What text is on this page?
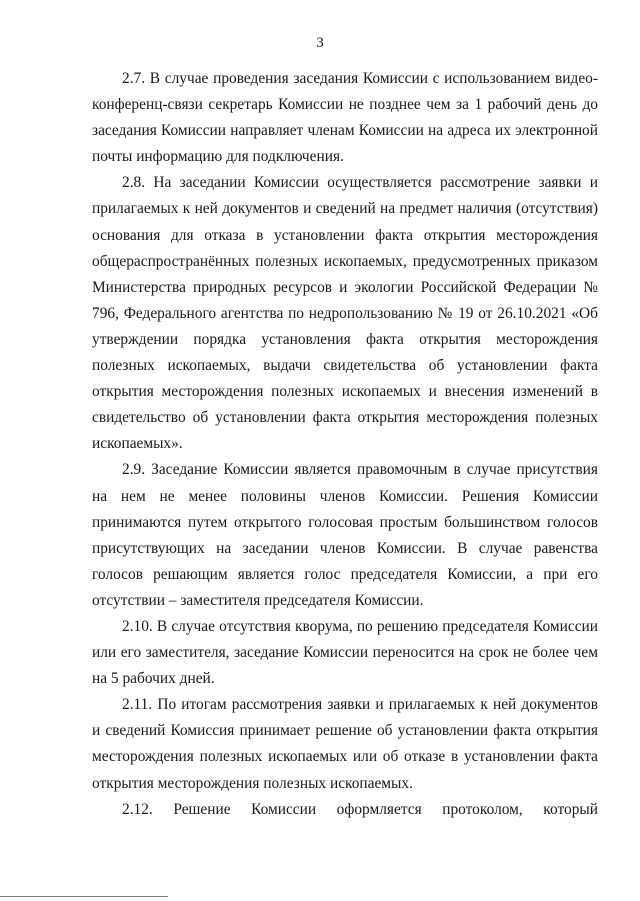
3

2.7. В случае проведения заседания Комиссии с использованием видео-конференц-связи секретарь Комиссии не позднее чем за 1 рабочий день до заседания Комиссии направляет членам Комиссии на адреса их электронной почты информацию для подключения.

2.8. На заседании Комиссии осуществляется рассмотрение заявки и прилагаемых к ней документов и сведений на предмет наличия (отсутствия) основания для отказа в установлении факта открытия месторождения общераспространённых полезных ископаемых, предусмотренных приказом Министерства природных ресурсов и экологии Российской Федерации № 796, Федерального агентства по недропользованию № 19 от 26.10.2021 «Об утверждении порядка установления факта открытия месторождения полезных ископаемых, выдачи свидетельства об установлении факта открытия месторождения полезных ископаемых и внесения изменений в свидетельство об установлении факта открытия месторождения полезных ископаемых».

2.9. Заседание Комиссии является правомочным в случае присутствия на нем не менее половины членов Комиссии. Решения Комиссии принимаются путем открытого голосовая простым большинством голосов присутствующих на заседании членов Комиссии. В случае равенства голосов решающим является голос председателя Комиссии, а при его отсутствии – заместителя председателя Комиссии.

2.10. В случае отсутствия кворума, по решению председателя Комиссии или его заместителя, заседание Комиссии переносится на срок не более чем на 5 рабочих дней.

2.11. По итогам рассмотрения заявки и прилагаемых к ней документов и сведений Комиссия принимает решение об установлении факта открытия месторождения полезных ископаемых или об отказе в установлении факта открытия месторождения полезных ископаемых.

2.12. Решение Комиссии оформляется протоколом, который
